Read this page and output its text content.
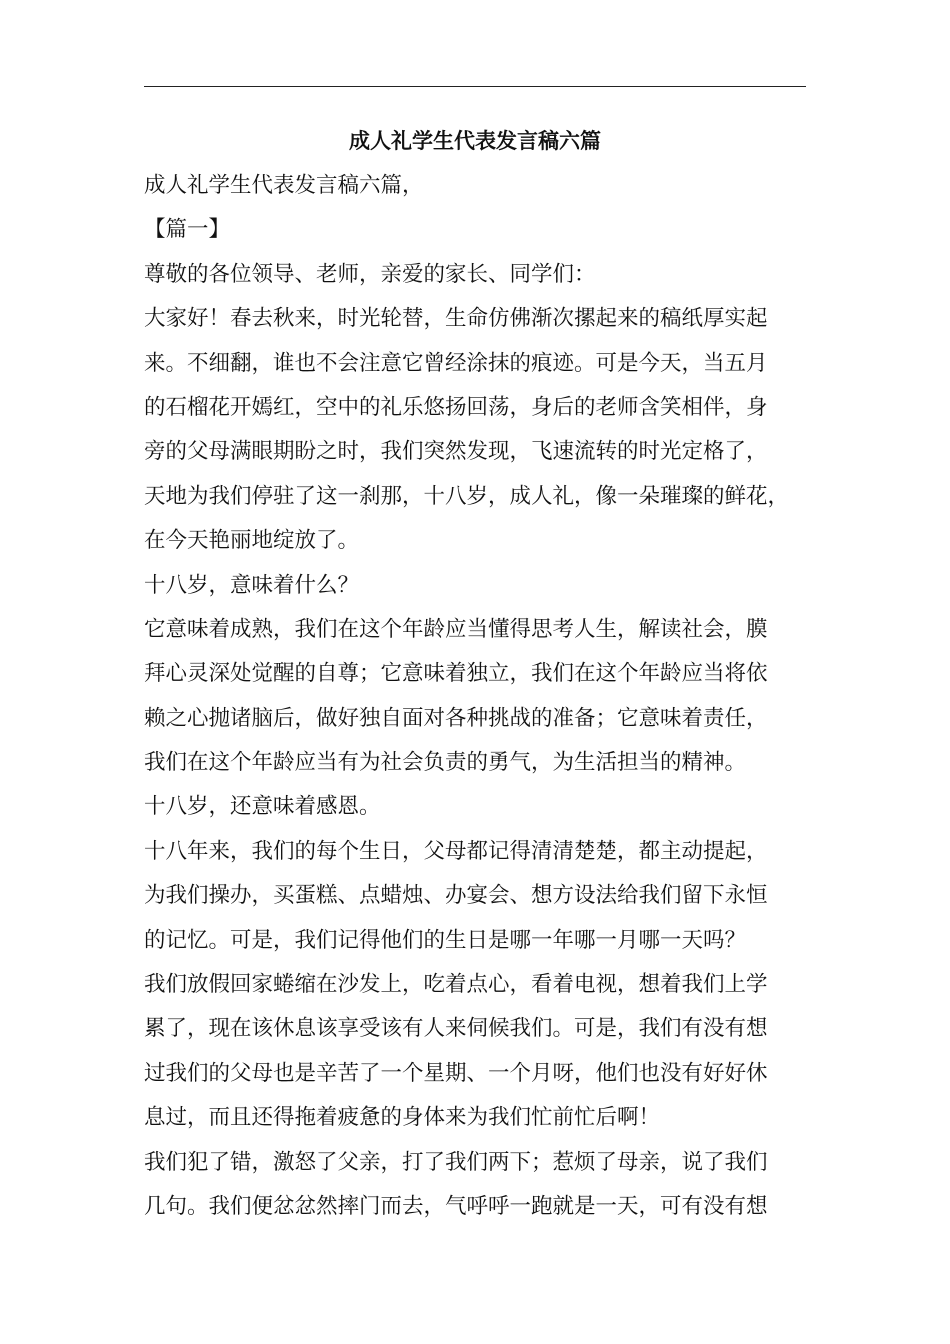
成人礼学生代表发言稿六篇
成人礼学生代表发言稿六篇，
【篇一】
尊敬的各位领导、老师，亲爱的家长、同学们：
大家好！春去秋来，时光轮替，生命仿佛渐次摞起来的稿纸厚实起
来。不细翻，谁也不会注意它曾经涂抹的痕迹。可是今天，当五月
的石榴花开嫣红，空中的礼乐悠扬回荡，身后的老师含笑相伴，身
旁的父母满眼期盼之时，我们突然发现，飞速流转的时光定格了，
天地为我们停驻了这一刹那，十八岁，成人礼，像一朵璀璨的鲜花，
在今天艳丽地绽放了。
十八岁，意味着什么？
它意味着成熟，我们在这个年龄应当懂得思考人生，解读社会，膜
拜心灵深处觉醒的自尊；它意味着独立，我们在这个年龄应当将依
赖之心抛诸脑后，做好独自面对各种挑战的准备；它意味着责任，
我们在这个年龄应当有为社会负责的勇气，为生活担当的精神。
十八岁，还意味着感恩。
十八年来，我们的每个生日，父母都记得清清楚楚，都主动提起，
为我们操办，买蛋糕、点蜡烛、办宴会、想方设法给我们留下永恒
的记忆。可是，我们记得他们的生日是哪一年哪一月哪一天吗？
我们放假回家蜷缩在沙发上，吃着点心，看着电视，想着我们上学
累了，现在该休息该享受该有人来伺候我们。可是，我们有没有想
过我们的父母也是辛苦了一个星期、一个月呀，他们也没有好好休
息过，而且还得拖着疲惫的身体来为我们忙前忙后啊！
我们犯了错，激怒了父亲，打了我们两下；惹烦了母亲，说了我们
几句。我们便忿忿然摔门而去，气呼呼一跑就是一天，可有没有想
